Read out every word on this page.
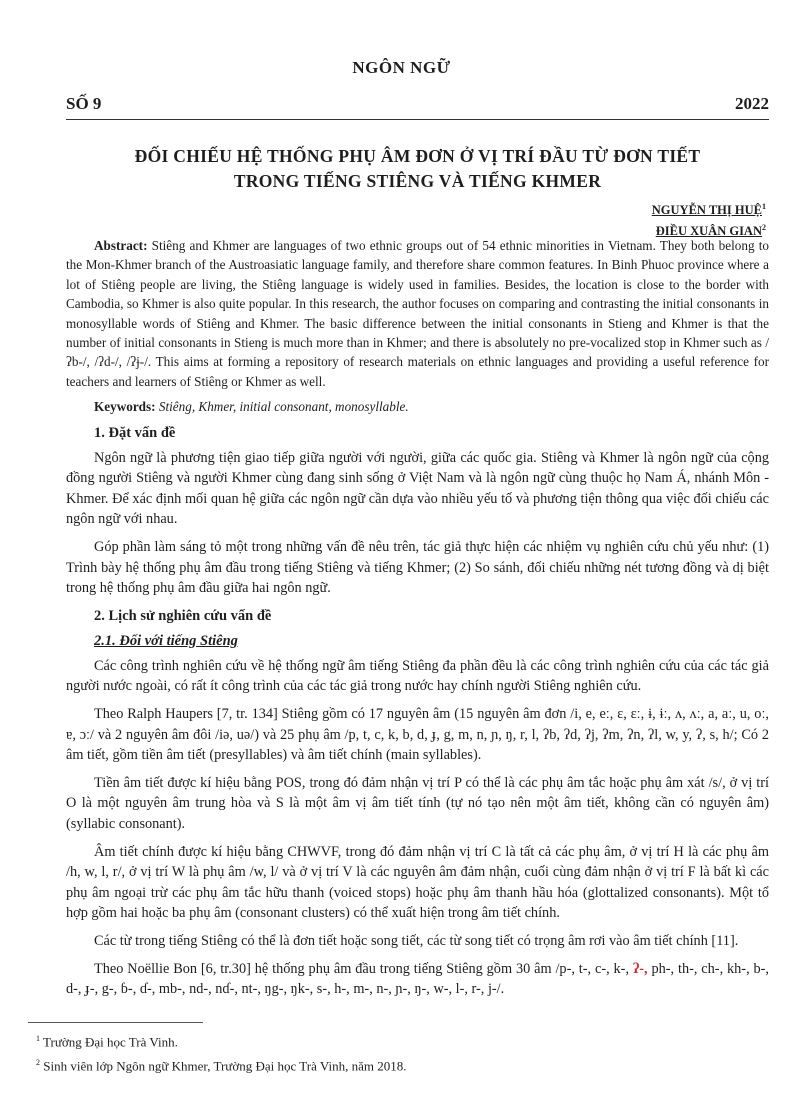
NGÔN NGỮ
SỐ 9	2022
ĐỐI CHIẾU HỆ THỐNG PHỤ ÂM ĐƠN Ở VỊ TRÍ ĐẦU TỪ ĐƠN TIẾT
TRONG TIẾNG STIÊNG VÀ TIẾNG KHMER
NGUYỄN THỊ HUỆ$^1$
ĐIỀU XUÂN GIAN$^2$

Abstract: Stiêng and Khmer are languages of two ethnic groups out of 54 ethnic minorities in Vietnam. They both belong to the Mon-Khmer branch of the Austroasiatic language family, and therefore share common features. In Binh Phuoc province where a lot of Stiêng people are living, the Stiêng language is widely used in families. Besides, the location is close to the border with Cambodia, so Khmer is also quite popular. In this research, the author focuses on comparing and contrasting the initial consonants in monosyllable words of Stiêng and Khmer. The basic difference between the initial consonants in Stieng and Khmer is that the number of initial consonants in Stieng is much more than in Khmer; and there is absolutely no pre-vocalized stop in Khmer such as /ʔb-/, /ʔd-/, /ʔɉ-/. This aims at forming a repository of research materials on ethnic languages and providing a useful reference for teachers and learners of Stiêng or Khmer as well.

Keywords: Stiêng, Khmer, initial consonant, monosyllable.

1. Đặt vấn đề

Ngôn ngữ là phương tiện giao tiếp giữa người với người, giữa các quốc gia. Stiêng và Khmer là ngôn ngữ của cộng đồng người Stiêng và người Khmer cùng đang sinh sống ở Việt Nam và là ngôn ngữ cùng thuộc họ Nam Á, nhánh Môn - Khmer. Để xác định mối quan hệ giữa các ngôn ngữ cần dựa vào nhiều yếu tố và phương tiện thông qua việc đối chiếu các ngôn ngữ với nhau.

Góp phần làm sáng tỏ một trong những vấn đề nêu trên, tác giả thực hiện các nhiệm vụ nghiên cứu chủ yếu như: (1) Trình bày hệ thống phụ âm đầu trong tiếng Stiêng và tiếng Khmer; (2) So sánh, đối chiếu những nét tương đồng và dị biệt trong hệ thống phụ âm đầu giữa hai ngôn ngữ.

2. Lịch sử nghiên cứu vấn đề
2.1. Đối với tiếng Stiêng

Các công trình nghiên cứu về hệ thống ngữ âm tiếng Stiêng đa phần đều là các công trình nghiên cứu của các tác giả người nước ngoài, có rất ít công trình của các tác giả trong nước hay chính người Stiêng nghiên cứu.

Theo Ralph Haupers [7, tr. 134] Stiêng gồm có 17 nguyên âm (15 nguyên âm đơn /i, e, eː, ɛ, ɛː, ɨ, ɨː, ʌ, ʌː, a, aː, u, oː, ɐ, ɔː/ và 2 nguyên âm đôi /iə, uə/) và 25 phụ âm /p, t, c, k, b, d, ɟ, g, m, n, ɲ, ŋ, r, l, ʔb, ʔd, ʔj, ʔm, ʔn, ʔl, w, y, ʔ, s, h/; Có 2 âm tiết, gồm tiền âm tiết (presyllables) và âm tiết chính (main syllables).

Tiền âm tiết được kí hiệu bằng POS, trong đó đảm nhận vị trí P có thể là các phụ âm tắc hoặc phụ âm xát /s/, ở vị trí O là một nguyên âm trung hòa và S là một âm vị âm tiết tính (tự nó tạo nên một âm tiết, không cần có nguyên âm) (syllabic consonant).

Âm tiết chính được kí hiệu bằng CHWVF, trong đó đảm nhận vị trí C là tất cả các phụ âm, ở vị trí H là các phụ âm /h, w, l, r/, ở vị trí W là phụ âm /w, l/ và ở vị trí V là các nguyên âm đảm nhận, cuối cùng đảm nhận ở vị trí F là bất kì các phụ âm ngoại trừ các phụ âm tắc hữu thanh (voiced stops) hoặc phụ âm thanh hầu hóa (glottalized consonants). Một tổ hợp gồm hai hoặc ba phụ âm (consonant clusters) có thể xuất hiện trong âm tiết chính.

Các từ trong tiếng Stiêng có thể là đơn tiết hoặc song tiết, các từ song tiết có trọng âm rơi vào âm tiết chính [11].

Theo Noëllie Bon [6, tr.30] hệ thống phụ âm đầu trong tiếng Stiêng gồm 30 âm /p-, t-, c-, k-, ʔ-, ph-, th-, ch-, kh-, b-, d-, ɟ-, g-, ɓ-, ɗ-, mb-, nd-, nɗ-, nt-, ŋg-, ŋk-, s-, h-, m-, n-, ɲ-, ŋ-, w-, l-, r-, j-/.

$^1$ Trường Đại học Trà Vinh.
$^2$ Sinh viên lớp Ngôn ngữ Khmer, Trường Đại học Trà Vinh, năm 2018.
